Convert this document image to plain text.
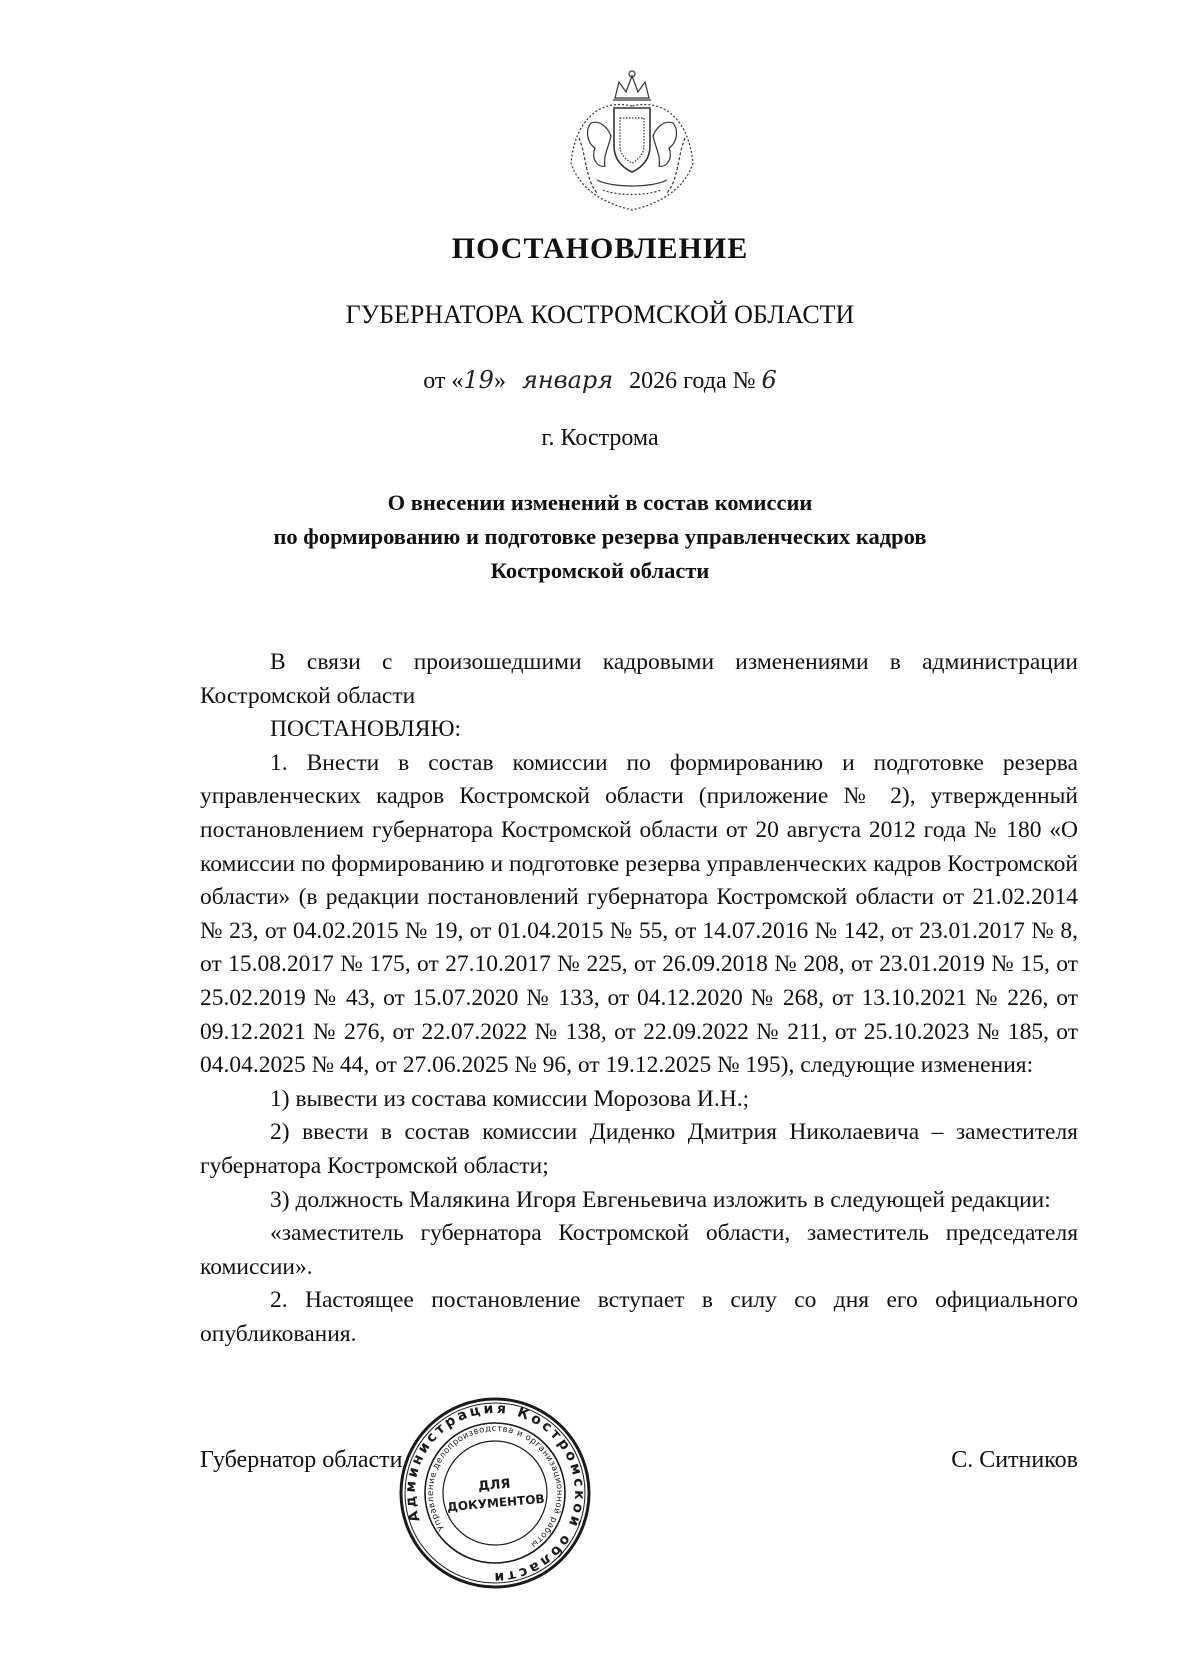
ПОСТАНОВЛЕНИЕ
ГУБЕРНАТОРА КОСТРОМСКОЙ ОБЛАСТИ
от «19» января 2026 года № 6
г. Кострома
О внесении изменений в состав комиссии
по формированию и подготовке резерва управленческих кадров
Костромской области

В связи с произошедшими кадровыми изменениями в администрации Костромской области

ПОСТАНОВЛЯЮ:

1. Внести в состав комиссии по формированию и подготовке резерва управленческих кадров Костромской области (приложение № 2), утвержденный постановлением губернатора Костромской области от 20 августа 2012 года № 180 «О комиссии по формированию и подготовке резерва управленческих кадров Костромской области» (в редакции постановлений губернатора Костромской области от 21.02.2014 № 23, от 04.02.2015 № 19, от 01.04.2015 № 55, от 14.07.2016 № 142, от 23.01.2017 № 8, от 15.08.2017 № 175, от 27.10.2017 № 225, от 26.09.2018 № 208, от 23.01.2019 № 15, от 25.02.2019 № 43, от 15.07.2020 № 133, от 04.12.2020 № 268, от 13.10.2021 № 226, от 09.12.2021 № 276, от 22.07.2022 № 138, от 22.09.2022 № 211, от 25.10.2023 № 185, от 04.04.2025 № 44, от 27.06.2025 № 96, от 19.12.2025 № 195), следующие изменения:

1) вывести из состава комиссии Морозова И.Н.;

2) ввести в состав комиссии Диденко Дмитрия Николаевича – заместителя губернатора Костромской области;

3) должность Малякина Игоря Евгеньевича изложить в следующей редакции:

«заместитель губернатора Костромской области, заместитель председателя комиссии».

2. Настоящее постановление вступает в силу со дня его официального опубликования.

Губернатор области	С. Ситников
Администрация Костромской области
Управление делопроизводства и организационной работы
ДЛЯ
ДОКУМЕНТОВ
